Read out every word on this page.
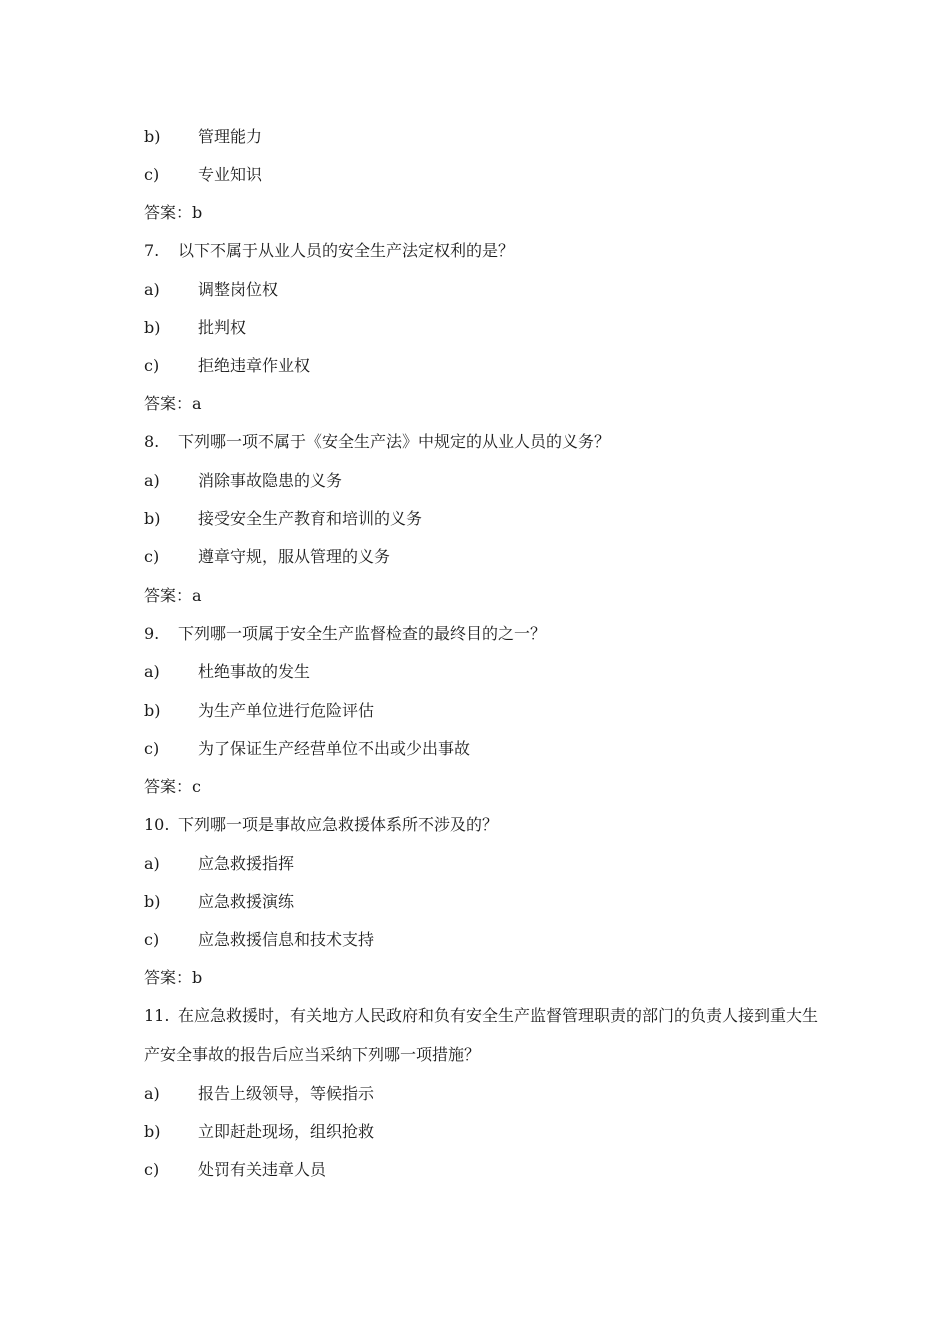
b) 管理能力
c) 专业知识
答案：b
7. 以下不属于从业人员的安全生产法定权利的是？
a) 调整岗位权
b) 批判权
c) 拒绝违章作业权
答案：a
8. 下列哪一项不属于《安全生产法》中规定的从业人员的义务？
a) 消除事故隐患的义务
b) 接受安全生产教育和培训的义务
c) 遵章守规，服从管理的义务
答案：a
9. 下列哪一项属于安全生产监督检查的最终目的之一？
a) 杜绝事故的发生
b) 为生产单位进行危险评估
c) 为了保证生产经营单位不出或少出事故
答案：c
10. 下列哪一项是事故应急救援体系所不涉及的？
a) 应急救援指挥
b) 应急救援演练
c) 应急救援信息和技术支持
答案：b
11. 在应急救援时，有关地方人民政府和负有安全生产监督管理职责的部门的负责人接到重大生
产安全事故的报告后应当采纳下列哪一项措施？
a) 报告上级领导，等候指示
b) 立即赶赴现场，组织抢救
c) 处罚有关违章人员
